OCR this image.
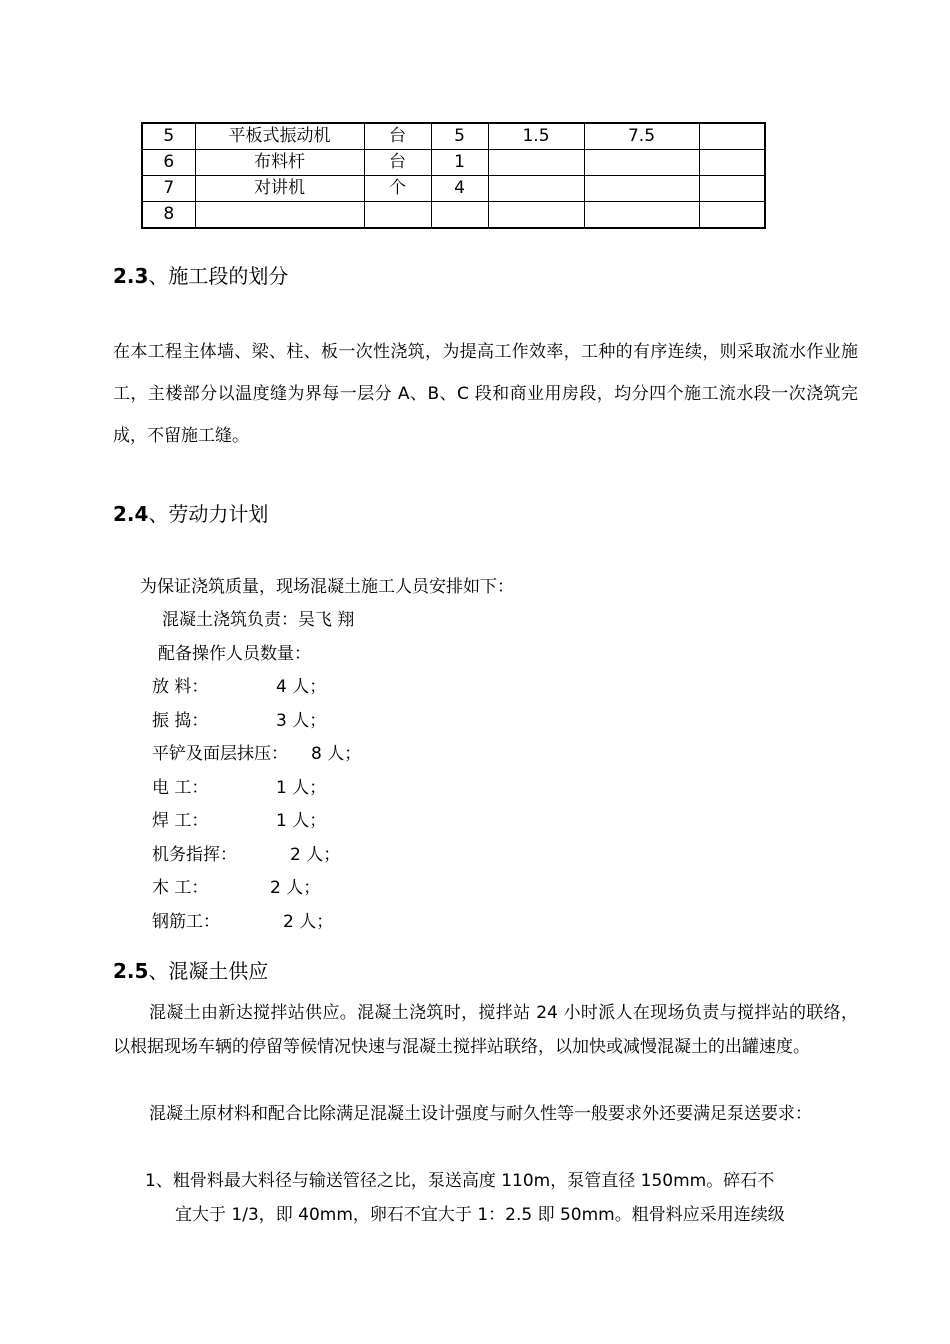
5	平板式振动机	台	5	1.5	7.5	
6	布料杆	台	1			
7	对讲机	个	4			
8						
2.3、施工段的划分
在本工程主体墙、梁、柱、板一次性浇筑，为提高工作效率，工种的有序连续，则采取流水作业施工，主楼部分以温度缝为界每一层分 A、B、C 段和商业用房段，均分四个施工流水段一次浇筑完成，不留施工缝。
2.4、劳动力计划
为保证浇筑质量，现场混凝土施工人员安排如下：
混凝土浇筑负责：吴飞 翔
配备操作人员数量：
放 料：	4 人；
振 捣：	3 人；
平铲及面层抹压： 8 人；
电 工：	1 人；
焊 工：	1 人；
机务指挥：	2 人；
木 工：	2 人；
钢筋工：	2 人；
2.5、混凝土供应
混凝土由新达搅拌站供应。混凝土浇筑时，搅拌站 24 小时派人在现场负责与搅拌站的联络，以根据现场车辆的停留等候情况快速与混凝土搅拌站联络，以加快或减慢混凝土的出罐速度。
混凝土原材料和配合比除满足混凝土设计强度与耐久性等一般要求外还要满足泵送要求：
1、粗骨料最大料径与输送管径之比，泵送高度 110m，泵管直径 150mm。碎石不
宜大于 1/3，即 40mm，卵石不宜大于 1：2.5 即 50mm。粗骨料应采用连续级
